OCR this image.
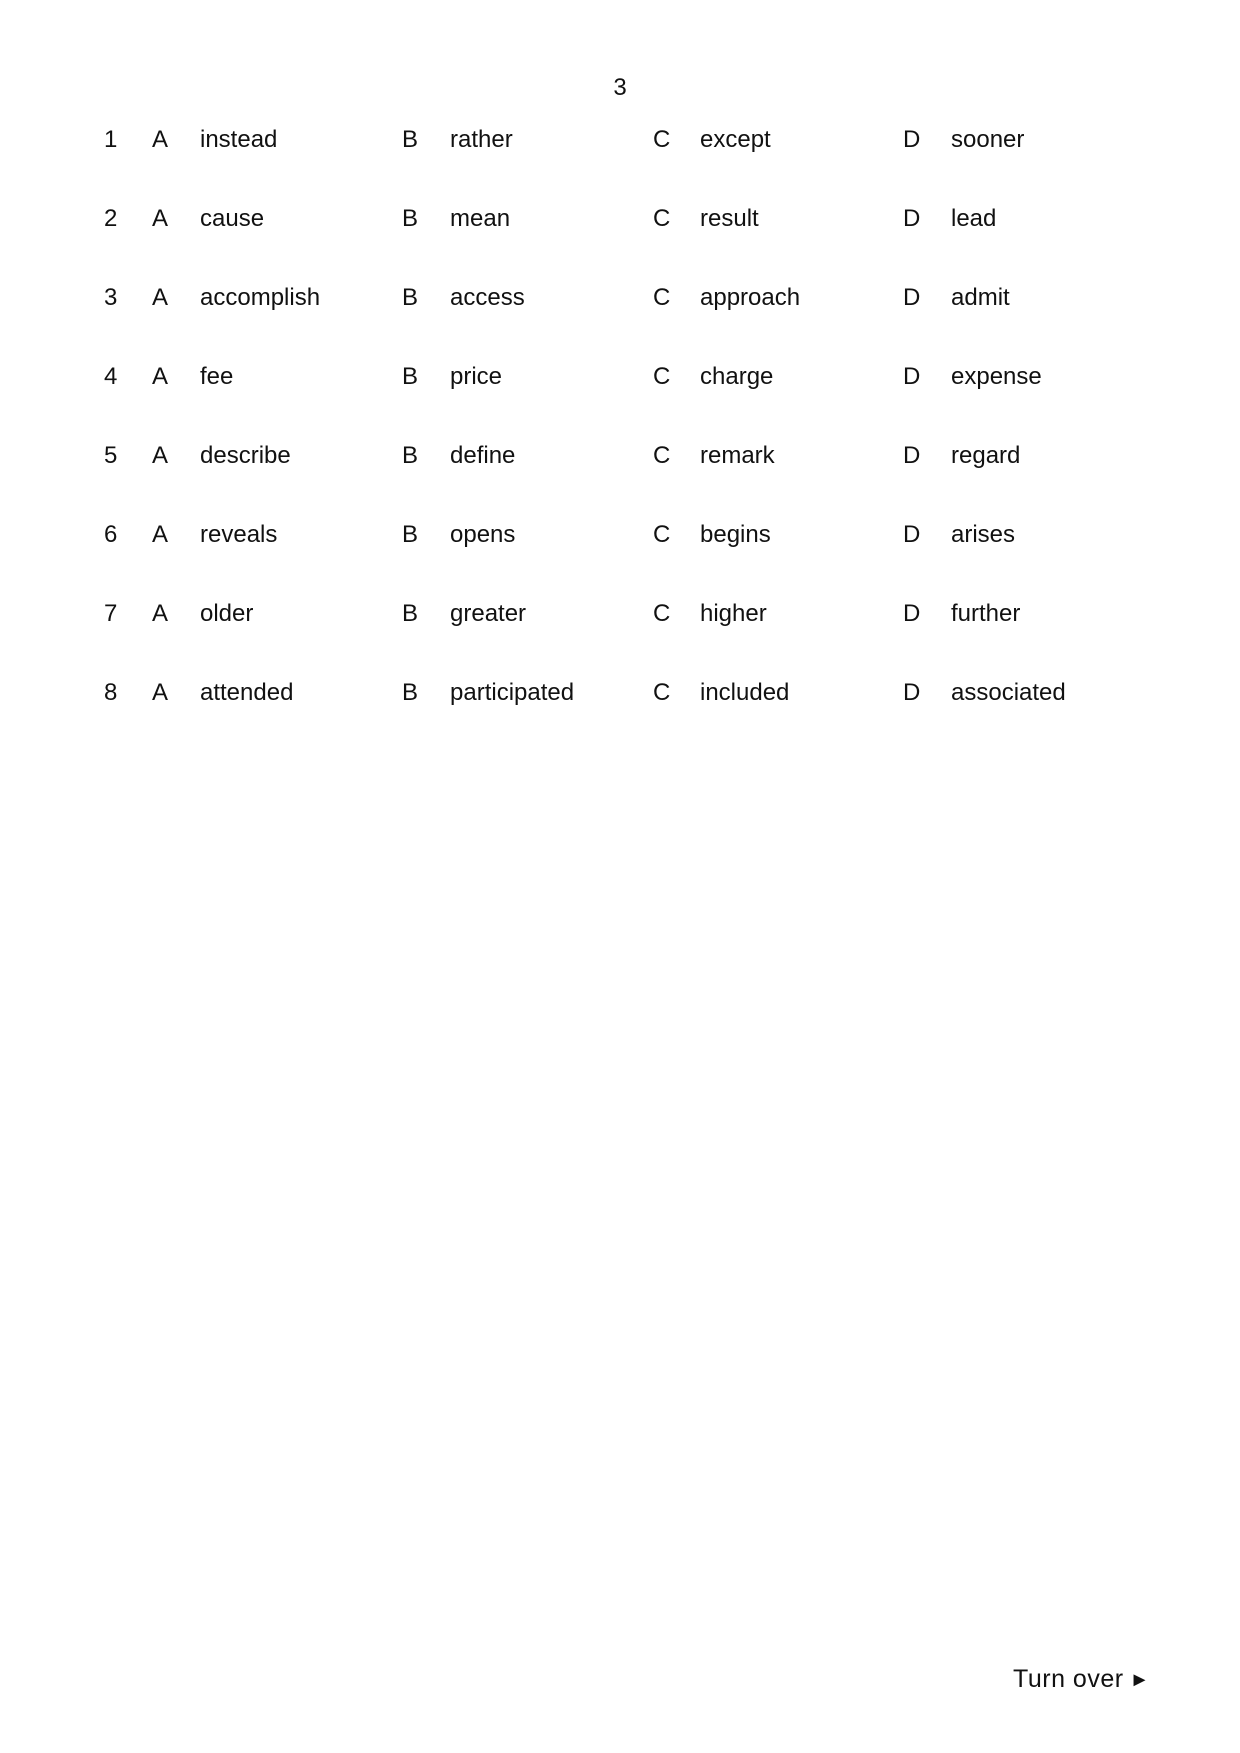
3
1 A instead	B rather	C except	D sooner
2 A cause	B mean	C result	D lead
3 A accomplish	B access	C approach	D admit
4 A fee	B price	C charge	D expense
5 A describe	B define	C remark	D regard
6 A reveals	B opens	C begins	D arises
7 A older	B greater	C higher	D further
8 A attended	B participated	C included	D associated
Turn over ►
